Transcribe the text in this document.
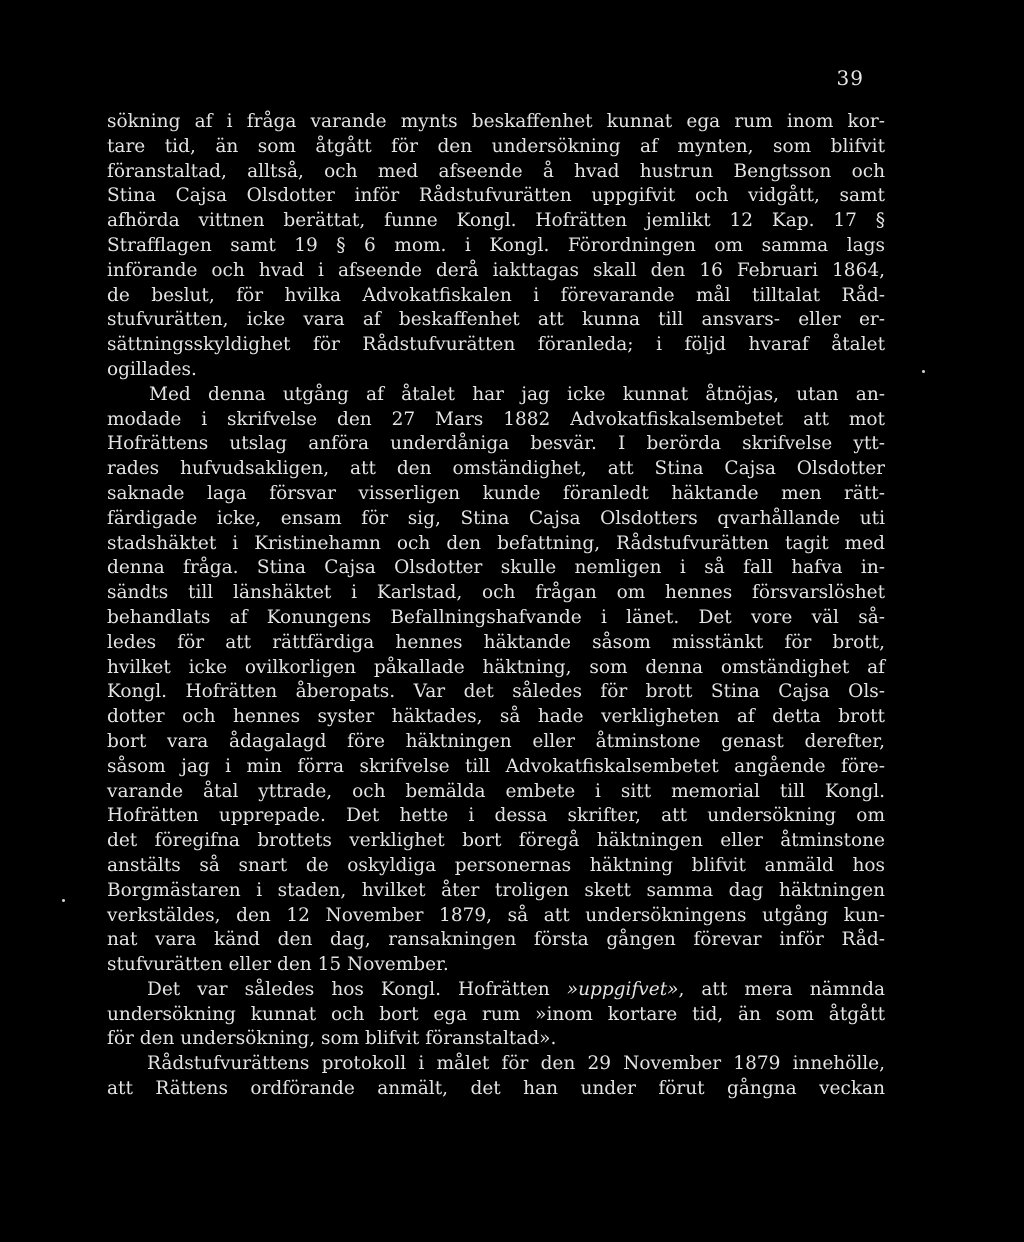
39
sökning af i fråga varande mynts beskaffenhet kunnat ega rum inom kor-
tare tid, än som åtgått för den undersökning af mynten, som blifvit
föranstaltad, alltså, och med afseende å hvad hustrun Bengtsson och
Stina Cajsa Olsdotter inför Rådstufvurätten uppgifvit och vidgått, samt
afhörda vittnen berättat, funne Kongl. Hofrätten jemlikt 12 Kap. 17 §
Strafflagen samt 19 § 6 mom. i Kongl. Förordningen om samma lags
införande och hvad i afseende derå iakttagas skall den 16 Februari 1864,
de beslut, för hvilka Advokatfiskalen i förevarande mål tilltalat Råd-
stufvurätten, icke vara af beskaffenhet att kunna till ansvars- eller er-
sättningsskyldighet för Rådstufvurätten föranleda; i följd hvaraf åtalet
ogillades.
Med denna utgång af åtalet har jag icke kunnat åtnöjas, utan an-
modade i skrifvelse den 27 Mars 1882 Advokatfiskalsembetet att mot
Hofrättens utslag anföra underdåniga besvär. I berörda skrifvelse ytt-
rades hufvudsakligen, att den omständighet, att Stina Cajsa Olsdotter
saknade laga försvar visserligen kunde föranledt häktande men rätt-
färdigade icke, ensam för sig, Stina Cajsa Olsdotters qvarhållande uti
stadshäktet i Kristinehamn och den befattning, Rådstufvurätten tagit med
denna fråga. Stina Cajsa Olsdotter skulle nemligen i så fall hafva in-
sändts till länshäktet i Karlstad, och frågan om hennes försvarslöshet
behandlats af Konungens Befallningshafvande i länet. Det vore väl så-
ledes för att rättfärdiga hennes häktande såsom misstänkt för brott,
hvilket icke ovilkorligen påkallade häktning, som denna omständighet af
Kongl. Hofrätten åberopats. Var det således för brott Stina Cajsa Ols-
dotter och hennes syster häktades, så hade verkligheten af detta brott
bort vara ådagalagd före häktningen eller åtminstone genast derefter,
såsom jag i min förra skrifvelse till Advokatfiskalsembetet angående före-
varande åtal yttrade, och bemälda embete i sitt memorial till Kongl.
Hofrätten upprepade. Det hette i dessa skrifter, att undersökning om
det föregifna brottets verklighet bort föregå häktningen eller åtminstone
anstälts så snart de oskyldiga personernas häktning blifvit anmäld hos
Borgmästaren i staden, hvilket åter troligen skett samma dag häktningen
verkstäldes, den 12 November 1879, så att undersökningens utgång kun-
nat vara känd den dag, ransakningen första gången förevar inför Råd-
stufvurätten eller den 15 November.
Det var således hos Kongl. Hofrätten »uppgifvet», att mera nämnda
undersökning kunnat och bort ega rum »inom kortare tid, än som åtgått
för den undersökning, som blifvit föranstaltad».
Rådstufvurättens protokoll i målet för den 29 November 1879 innehölle,
att Rättens ordförande anmält, det han under förut gångna veckan
